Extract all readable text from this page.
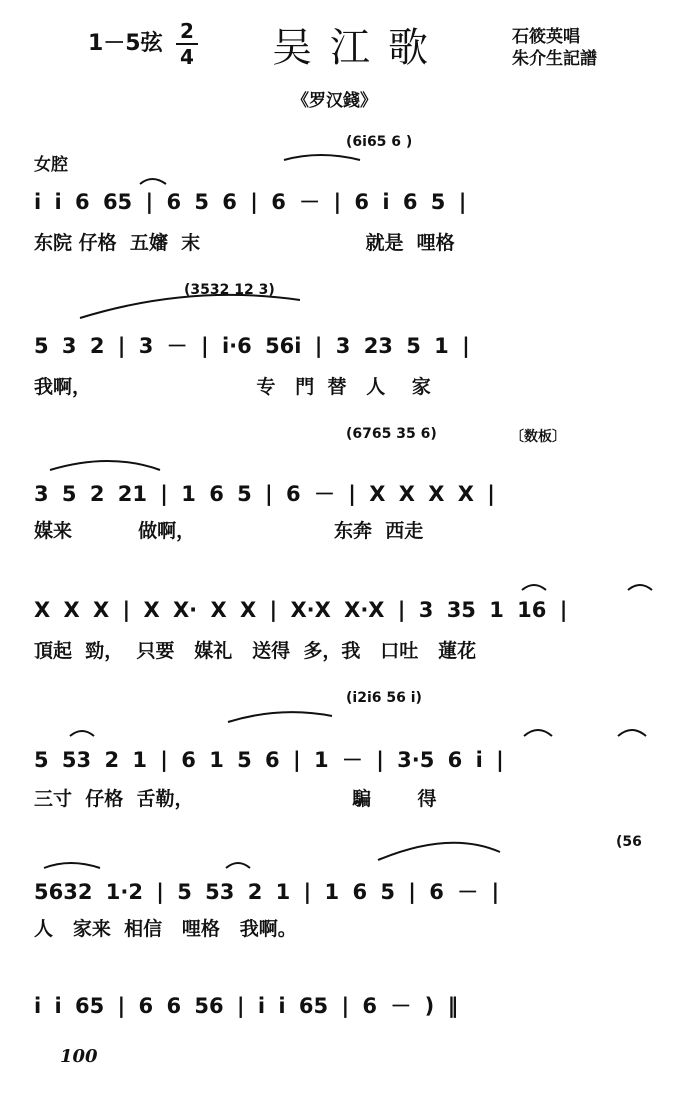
1－5弦 2
4 吴江歌	石筱英唱
朱介生記譜
《罗汉錢》
女腔
(6i65 6 )
i i 6 65 | 6 5 6 | 6 － | 6 i 6 5 |
东院 仔格  五嬸  末                         就是  哩格
(3532 12 3)
5 3 2 | 3 － | i·6 56i | 3 23 5 1 |
我啊，                         专   門  替   人    家
(6765 35 6)	〔数板〕
3 5 2 21 | 1 6 5 | 6 － | X X X X |
媒来          做啊，                     东奔  西走
X X X | X X· X X | X·X X·X | 3 35 1 16 |
頂起  勁，  只要   媒礼   送得  多，我   口吐   蓮花
(i2i6 56 i)
5 53 2 1 | 6 1 5 6 | 1 － | 3·5 6 i |
三寸  仔格  舌勒，                        騙       得
(56
5632 1·2 | 5 53 2 1 | 1 6 5 | 6 － |
人   家来  相信   哩格   我啊。
i i 65 | 6 6 56 | i i 65 | 6 － ) ‖
100
